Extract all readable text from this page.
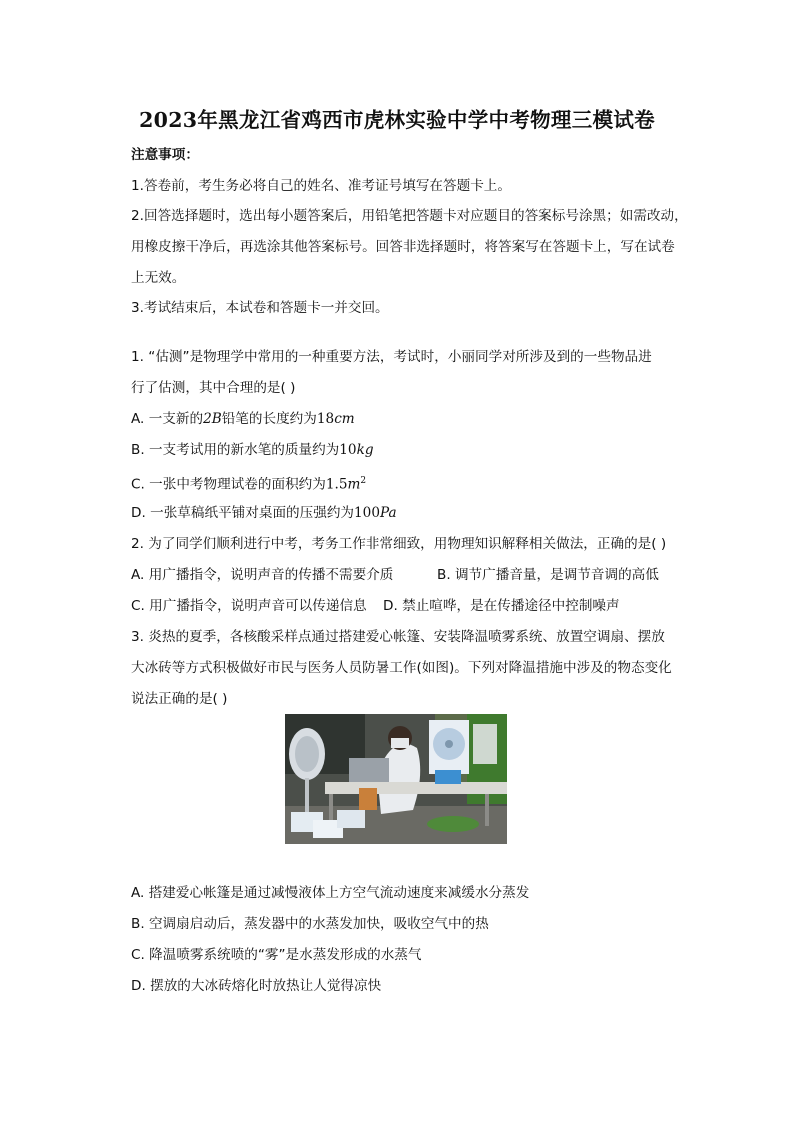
2023年黑龙江省鸡西市虎林实验中学中考物理三模试卷
注意事项：
1.答卷前，考生务必将自己的姓名、准考证号填写在答题卡上。
2.回答选择题时，选出每小题答案后，用铅笔把答题卡对应题目的答案标号涂黑；如需改动，
用橡皮擦干净后，再选涂其他答案标号。回答非选择题时，将答案写在答题卡上，写在试卷
上无效。
3.考试结束后，本试卷和答题卡一并交回。
1. “估测”是物理学中常用的一种重要方法，考试时，小丽同学对所涉及到的一些物品进
行了估测，其中合理的是( )
A. 一支新的2B铅笔的长度约为18cm
B. 一支考试用的新水笔的质量约为10kg
C. 一张中考物理试卷的面积约为$1.5m^2$
D. 一张草稿纸平铺对桌面的压强约为100Pa
2. 为了同学们顺利进行中考，考务工作非常细致，用物理知识解释相关做法，正确的是( )
A. 用广播指令，说明声音的传播不需要介质	B. 调节广播音量，是调节音调的高低
C. 用广播指令，说明声音可以传递信息 D. 禁止喧哗，是在传播途径中控制噪声
3. 炎热的夏季，各核酸采样点通过搭建爱心帐篷、安装降温喷雾系统、放置空调扇、摆放
大冰砖等方式积极做好市民与医务人员防暑工作(如图)。下列对降温措施中涉及的物态变化
说法正确的是( )
A. 搭建爱心帐篷是通过减慢液体上方空气流动速度来减缓水分蒸发
B. 空调扇启动后，蒸发器中的水蒸发加快，吸收空气中的热
C. 降温喷雾系统喷的“雾”是水蒸发形成的水蒸气
D. 摆放的大冰砖熔化时放热让人觉得凉快
